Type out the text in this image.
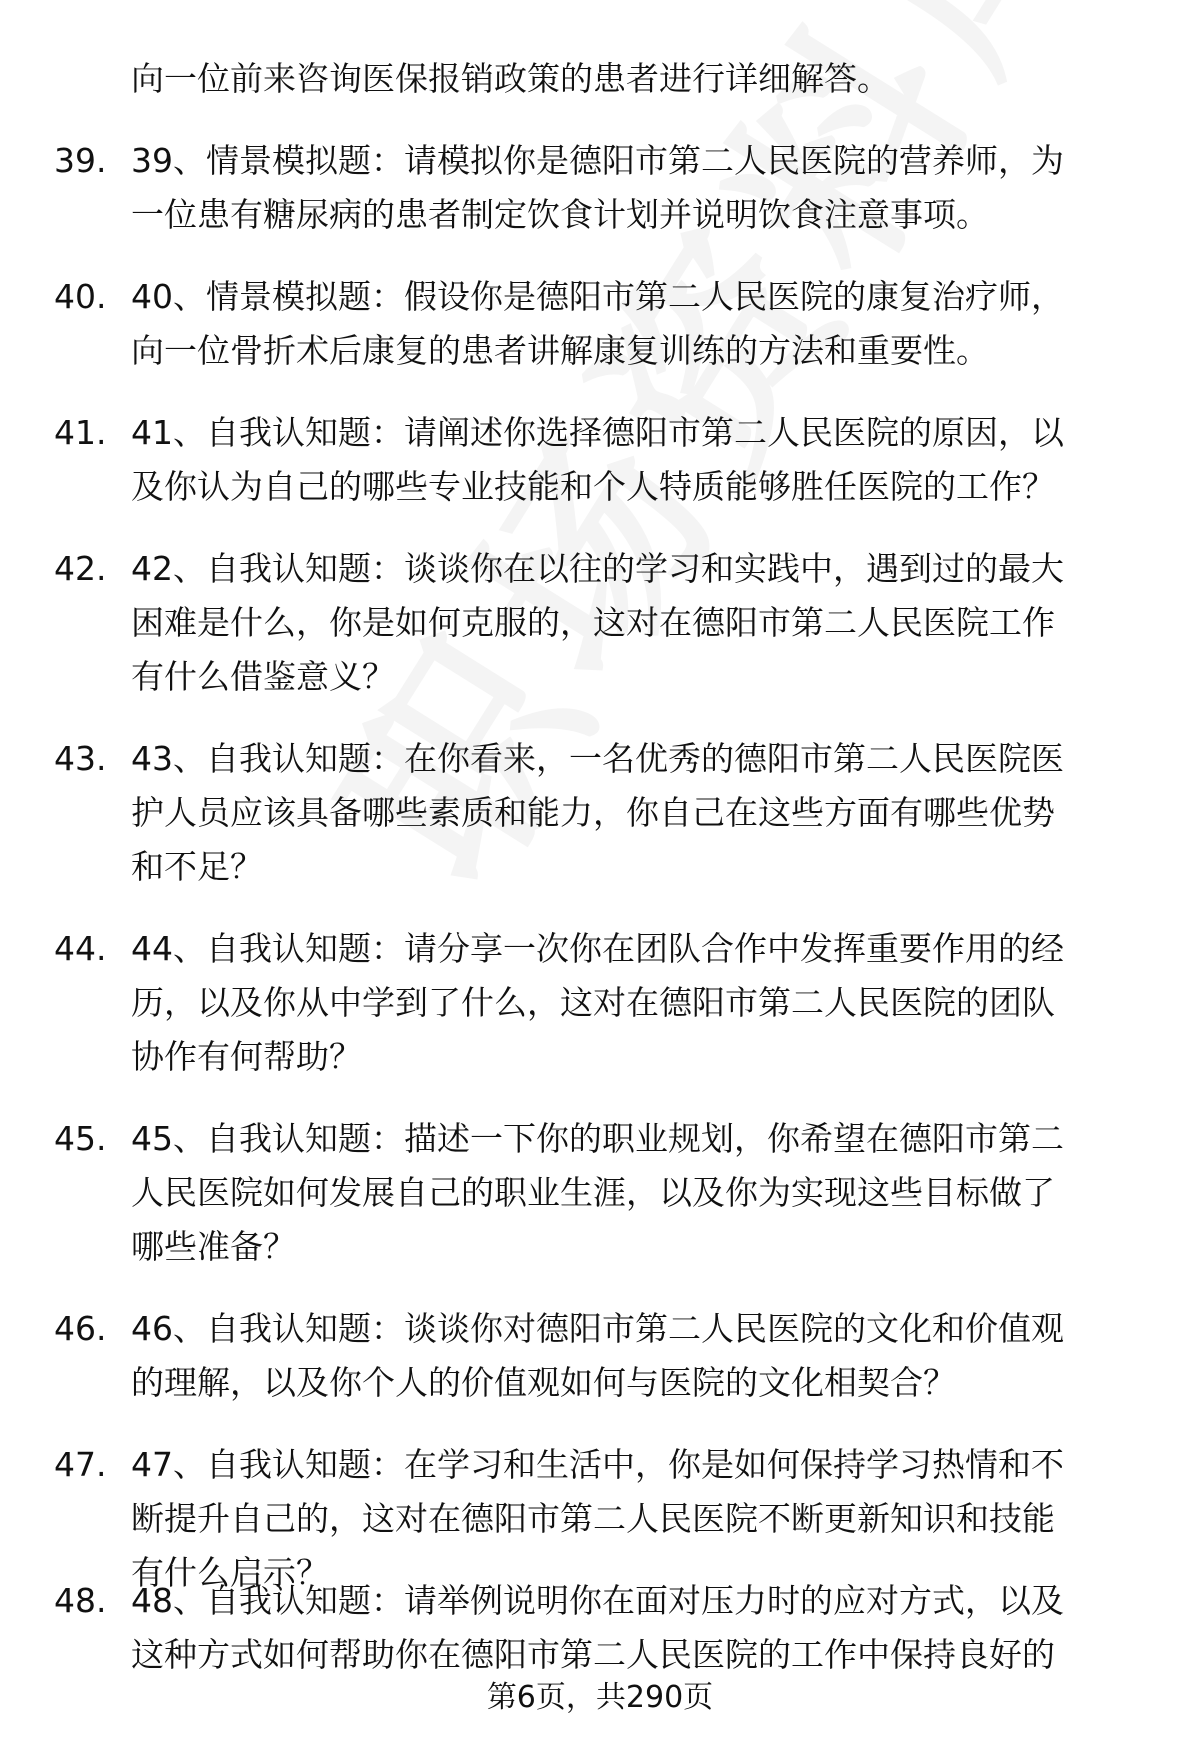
向一位前来咨询医保报销政策的患者进行详细解答。
39. 39、情景模拟题：请模拟你是德阳市第二人民医院的营养师，为
一位患有糖尿病的患者制定饮食计划并说明饮食注意事项。
40. 40、情景模拟题：假设你是德阳市第二人民医院的康复治疗师，
向一位骨折术后康复的患者讲解康复训练的方法和重要性。
41. 41、自我认知题：请阐述你选择德阳市第二人民医院的原因，以
及你认为自己的哪些专业技能和个人特质能够胜任医院的工作？
42. 42、自我认知题：谈谈你在以往的学习和实践中，遇到过的最大
困难是什么，你是如何克服的，这对在德阳市第二人民医院工作
有什么借鉴意义？
43. 43、自我认知题：在你看来，一名优秀的德阳市第二人民医院医
护人员应该具备哪些素质和能力，你自己在这些方面有哪些优势
和不足？
44. 44、自我认知题：请分享一次你在团队合作中发挥重要作用的经
历，以及你从中学到了什么，这对在德阳市第二人民医院的团队
协作有何帮助？
45. 45、自我认知题：描述一下你的职业规划，你希望在德阳市第二
人民医院如何发展自己的职业生涯，以及你为实现这些目标做了
哪些准备？
46. 46、自我认知题：谈谈你对德阳市第二人民医院的文化和价值观
的理解，以及你个人的价值观如何与医院的文化相契合？
47. 47、自我认知题：在学习和生活中，你是如何保持学习热情和不
断提升自己的，这对在德阳市第二人民医院不断更新知识和技能
有什么启示？
48. 48、自我认知题：请举例说明你在面对压力时的应对方式，以及
这种方式如何帮助你在德阳市第二人民医院的工作中保持良好的
第6页，共290页
